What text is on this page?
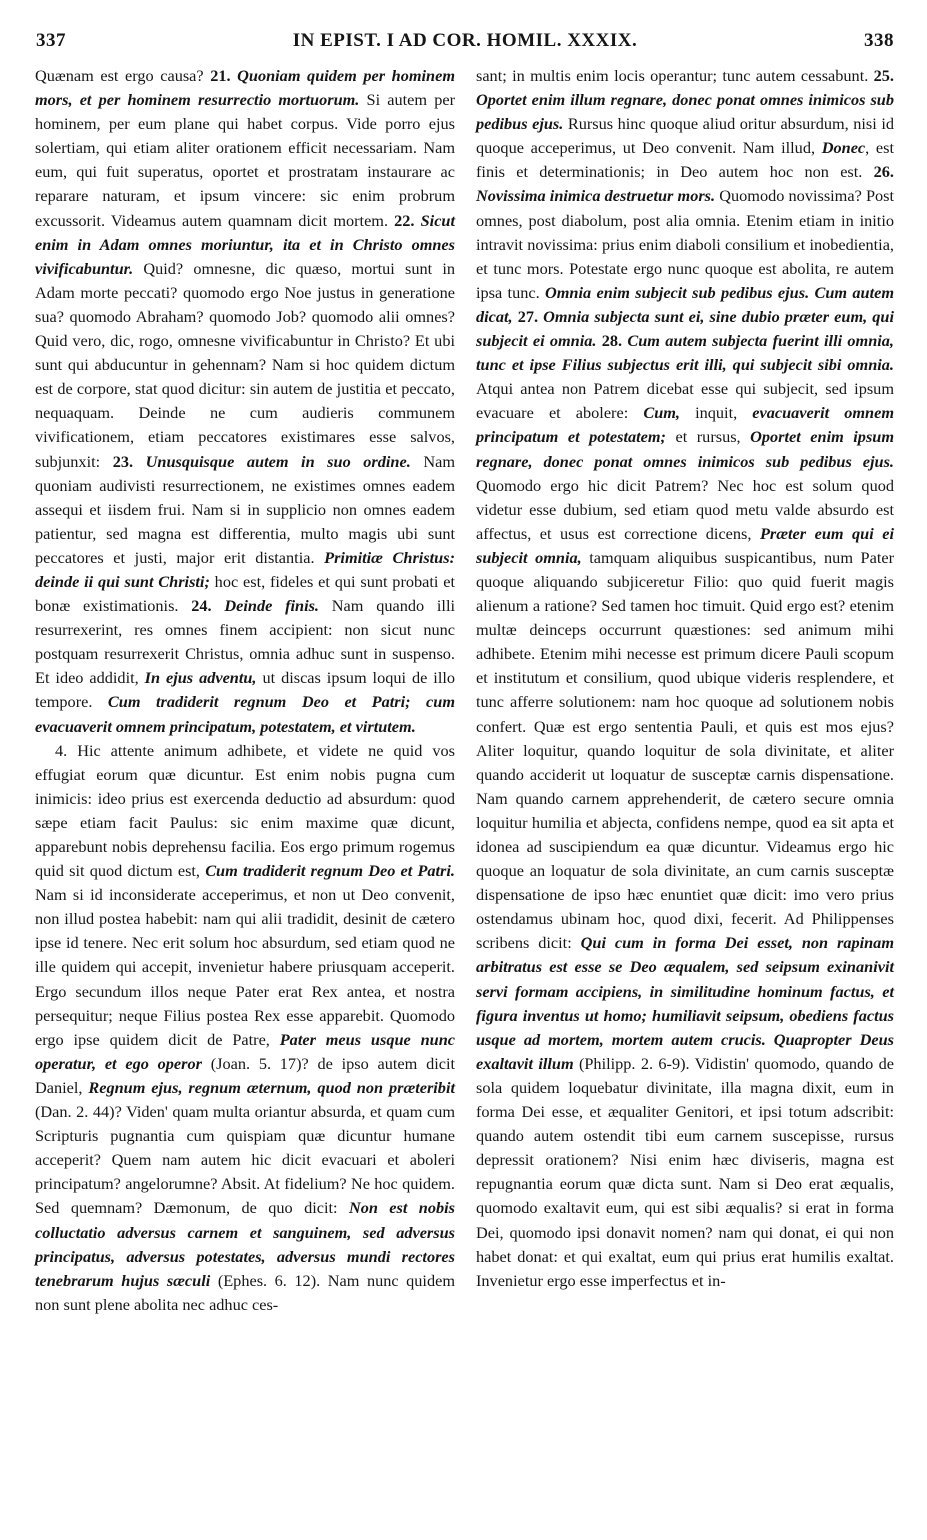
337	IN EPIST. I AD COR. HOMIL. XXXIX.	338

Quænam est ergo causa? 21. Quoniam quidem per hominem mors, et per hominem resurrectio mortuorum. Si autem per hominem, per eum plane qui habet corpus. Vide porro ejus solertiam, qui etiam aliter orationem efficit necessariam. Nam eum, qui fuit superatus, oportet et prostratam instaurare ac reparare naturam, et ipsum vincere: sic enim probrum excussorit. Videamus autem quamnam dicit mortem. 22. Sicut enim in Adam omnes moriuntur, ita et in Christo omnes vivificabuntur. Quid? omnesne, dic quæso, mortui sunt in Adam morte peccati? quomodo ergo Noe justus in generatione sua? quomodo Abraham? quomodo Job? quomodo alii omnes? Quid vero, dic, rogo, omnesne vivificabuntur in Christo? Et ubi sunt qui abducuntur in gehennam? Nam si hoc quidem dictum est de corpore, stat quod dicitur: sin autem de justitia et peccato, nequaquam. Deinde ne cum audieris communem vivificationem, etiam peccatores existimares esse salvos, subjunxit: 23. Unusquisque autem in suo ordine. Nam quoniam audivisti resurrectionem, ne existimes omnes eadem assequi et iisdem frui. Nam si in supplicio non omnes eadem patientur, sed magna est differentia, multo magis ubi sunt peccatores et justi, major erit distantia. Primitiæ Christus: deinde ii qui sunt Christi; hoc est, fideles et qui sunt probati et bonæ existimationis. 24. Deinde finis. Nam quando illi resurrexerint, res omnes finem accipient: non sicut nunc postquam resurrexerit Christus, omnia adhuc sunt in suspenso. Et ideo addidit, In ejus adventu, ut discas ipsum loqui de illo tempore. Cum tradiderit regnum Deo et Patri; cum evacuaverit omnem principatum, potestatem, et virtutem.

4. Hic attente animum adhibete, et videte ne quid vos effugiat eorum quæ dicuntur. Est enim nobis pugna cum inimicis: ideo prius est exercenda deductio ad absurdum: quod sæpe etiam facit Paulus: sic enim maxime quæ dicunt, apparebunt nobis deprehensu facilia. Eos ergo primum rogemus quid sit quod dictum est, Cum tradiderit regnum Deo et Patri. Nam si id inconsiderate acceperimus, et non ut Deo convenit, non illud postea habebit: nam qui alii tradidit, desinit de cætero ipse id tenere. Nec erit solum hoc absurdum, sed etiam quod ne ille quidem qui accepit, invenietur habere priusquam acceperit. Ergo secundum illos neque Pater erat Rex antea, et nostra persequitur; neque Filius postea Rex esse apparebit. Quomodo ergo ipse quidem dicit de Patre, Pater meus usque nunc operatur, et ego operor (Joan. 5. 17)? de ipso autem dicit Daniel, Regnum ejus, regnum æternum, quod non præteribit (Dan. 2. 44)? Viden' quam multa oriantur absurda, et quam cum Scripturis pugnantia cum quispiam quæ dicuntur humane acceperit? Quem nam autem hic dicit evacuari et aboleri principatum? angelorumne? Absit. At fidelium? Ne hoc quidem. Sed quemnam? Dæmonum, de quo dicit: Non est nobis colluctatio adversus carnem et sanguinem, sed adversus principatus, adversus potestates, adversus mundi rectores tenebrarum hujus sæculi (Ephes. 6. 12). Nam nunc quidem non sunt plene abolita nec adhuc ces-

sant; in multis enim locis operantur; tunc autem cessabunt. 25. Oportet enim illum regnare, donec ponat omnes inimicos sub pedibus ejus. Rursus hinc quoque aliud oritur absurdum, nisi id quoque acceperimus, ut Deo convenit. Nam illud, Donec, est finis et determinationis; in Deo autem hoc non est. 26. Novissima inimica destruetur mors. Quomodo novissima? Post omnes, post diabolum, post alia omnia. Etenim etiam in initio intravit novissima: prius enim diaboli consilium et inobedientia, et tunc mors. Potestate ergo nunc quoque est abolita, re autem ipsa tunc. Omnia enim subjecit sub pedibus ejus. Cum autem dicat, 27. Omnia subjecta sunt ei, sine dubio præter eum, qui subjecit ei omnia. 28. Cum autem subjecta fuerint illi omnia, tunc et ipse Filius subjectus erit illi, qui subjecit sibi omnia. Atqui antea non Patrem dicebat esse qui subjecit, sed ipsum evacuare et abolere: Cum, inquit, evacuaverit omnem principatum et potestatem; et rursus, Oportet enim ipsum regnare, donec ponat omnes inimicos sub pedibus ejus. Quomodo ergo hic dicit Patrem? Nec hoc est solum quod videtur esse dubium, sed etiam quod metu valde absurdo est affectus, et usus est correctione dicens, Præter eum qui ei subjecit omnia, tamquam aliquibus suspicantibus, num Pater quoque aliquando subjiceretur Filio: quo quid fuerit magis alienum a ratione? Sed tamen hoc timuit. Quid ergo est? etenim multæ deinceps occurrunt quæstiones: sed animum mihi adhibete. Etenim mihi necesse est primum dicere Pauli scopum et institutum et consilium, quod ubique videris resplendere, et tunc afferre solutionem: nam hoc quoque ad solutionem nobis confert. Quæ est ergo sententia Pauli, et quis est mos ejus? Aliter loquitur, quando loquitur de sola divinitate, et aliter quando acciderit ut loquatur de susceptæ carnis dispensatione. Nam quando carnem apprehenderit, de cætero secure omnia loquitur humilia et abjecta, confidens nempe, quod ea sit apta et idonea ad suscipiendum ea quæ dicuntur. Videamus ergo hic quoque an loquatur de sola divinitate, an cum carnis susceptæ dispensatione de ipso hæc enuntiet quæ dicit: imo vero prius ostendamus ubinam hoc, quod dixi, fecerit. Ad Philippenses scribens dicit: Qui cum in forma Dei esset, non rapinam arbitratus est esse se Deo æqualem, sed seipsum exinanivit servi formam accipiens, in similitudine hominum factus, et figura inventus ut homo; humiliavit seipsum, obediens factus usque ad mortem, mortem autem crucis. Quapropter Deus exaltavit illum (Philipp. 2. 6-9). Vidistin' quomodo, quando de sola quidem loquebatur divinitate, illa magna dixit, eum in forma Dei esse, et æqualiter Genitori, et ipsi totum adscribit: quando autem ostendit tibi eum carnem suscepisse, rursus depressit orationem? Nisi enim hæc diviseris, magna est repugnantia eorum quæ dicta sunt. Nam si Deo erat æqualis, quomodo exaltavit eum, qui est sibi æqualis? si erat in forma Dei, quomodo ipsi donavit nomen? nam qui donat, ei qui non habet donat: et qui exaltat, eum qui prius erat humilis exaltat. Invenietur ergo esse imperfectus et in-
